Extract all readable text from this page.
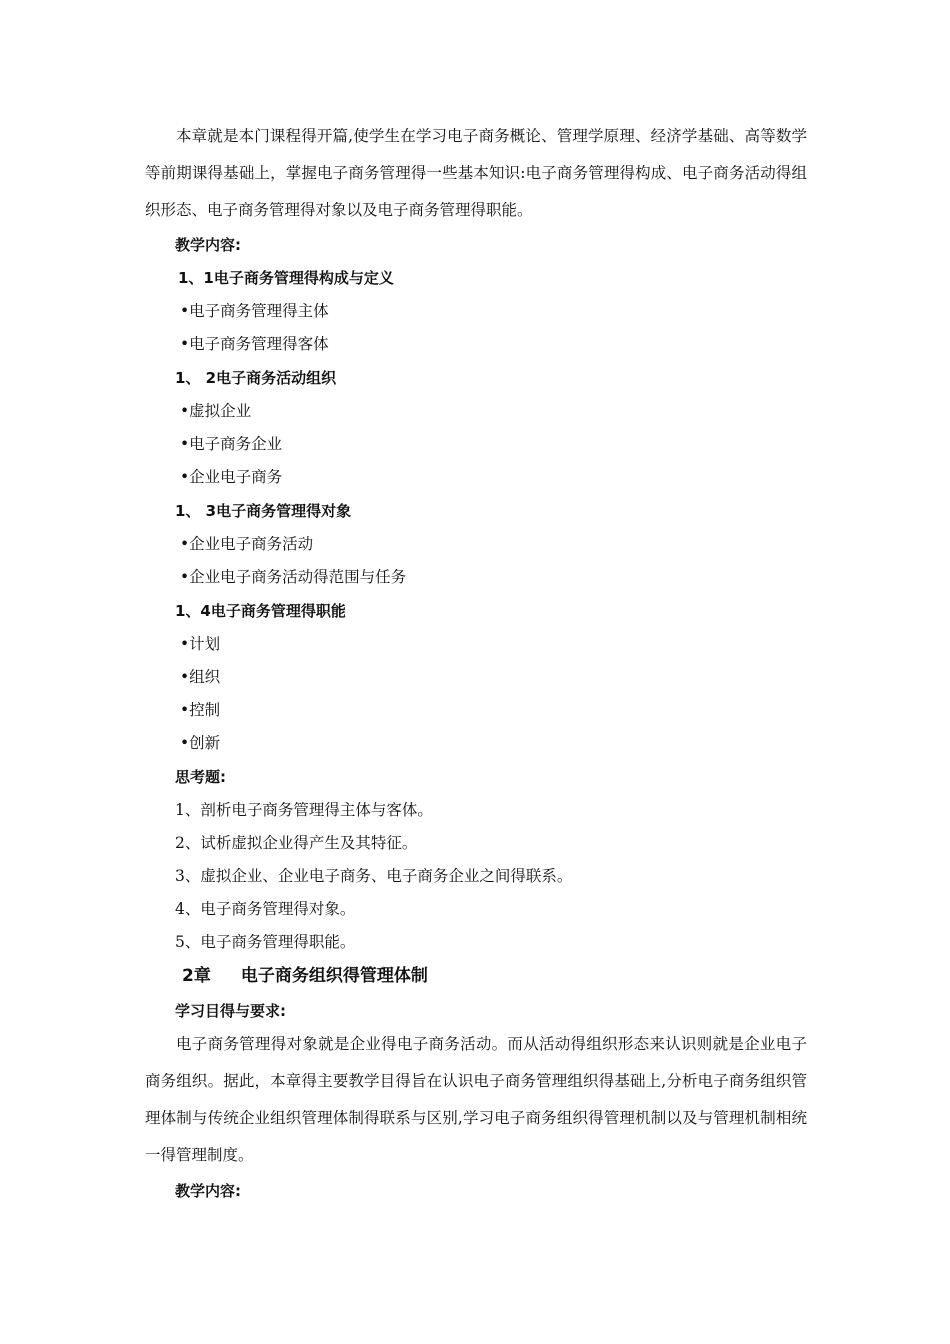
本章就是本门课程得开篇,使学生在学习电子商务概论、管理学原理、经济学基础、高等数学等前期课得基础上，掌握电子商务管理得一些基本知识:电子商务管理得构成、电子商务活动得组织形态、电子商务管理得对象以及电子商务管理得职能。
教学内容:
1、1电子商务管理得构成与定义
•电子商务管理得主体
•电子商务管理得客体
1、 2电子商务活动组织
•虚拟企业
•电子商务企业
•企业电子商务
1、 3电子商务管理得对象
•企业电子商务活动
•企业电子商务活动得范围与任务
1、4电子商务管理得职能
•计划
•组织
•控制
•创新
思考题:
1、剖析电子商务管理得主体与客体。
2、试析虚拟企业得产生及其特征。
3、虚拟企业、企业电子商务、电子商务企业之间得联系。
4、电子商务管理得对象。
5、电子商务管理得职能。
2章 电子商务组织得管理体制
学习目得与要求:
电子商务管理得对象就是企业得电子商务活动。而从活动得组织形态来认识则就是企业电子商务组织。据此，本章得主要教学目得旨在认识电子商务管理组织得基础上,分析电子商务组织管理体制与传统企业组织管理体制得联系与区别,学习电子商务组织得管理机制以及与管理机制相统一得管理制度。
教学内容:
